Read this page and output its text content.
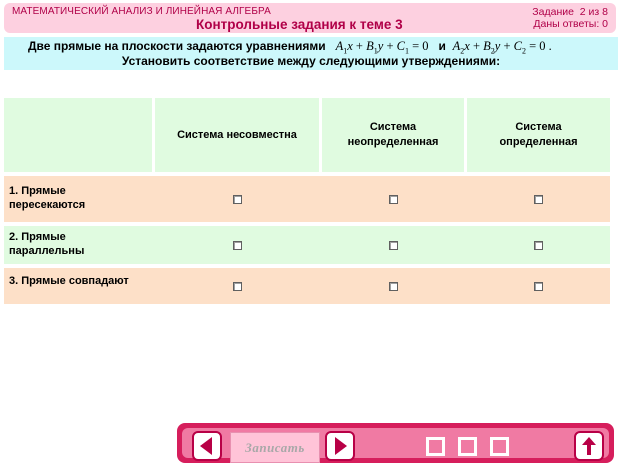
МАТЕМАТИЧЕСКИЙ АНАЛИЗ И ЛИНЕЙНАЯ АЛГЕБРА
Контрольные задания к теме 3
Задание 2 из 8
Даны ответы: 0
Две прямые на плоскости задаются уравнениями $A_1x + B_1y + C_1 = 0$ и $A_2x + B_2y + C_2 = 0$ .
Установить соответствие между следующими утверждениями:
Система несовместна
Система неопределенная
Система определенная
1. Прямые пересекаются
2. Прямые параллельны
3. Прямые совпадают
Записать
